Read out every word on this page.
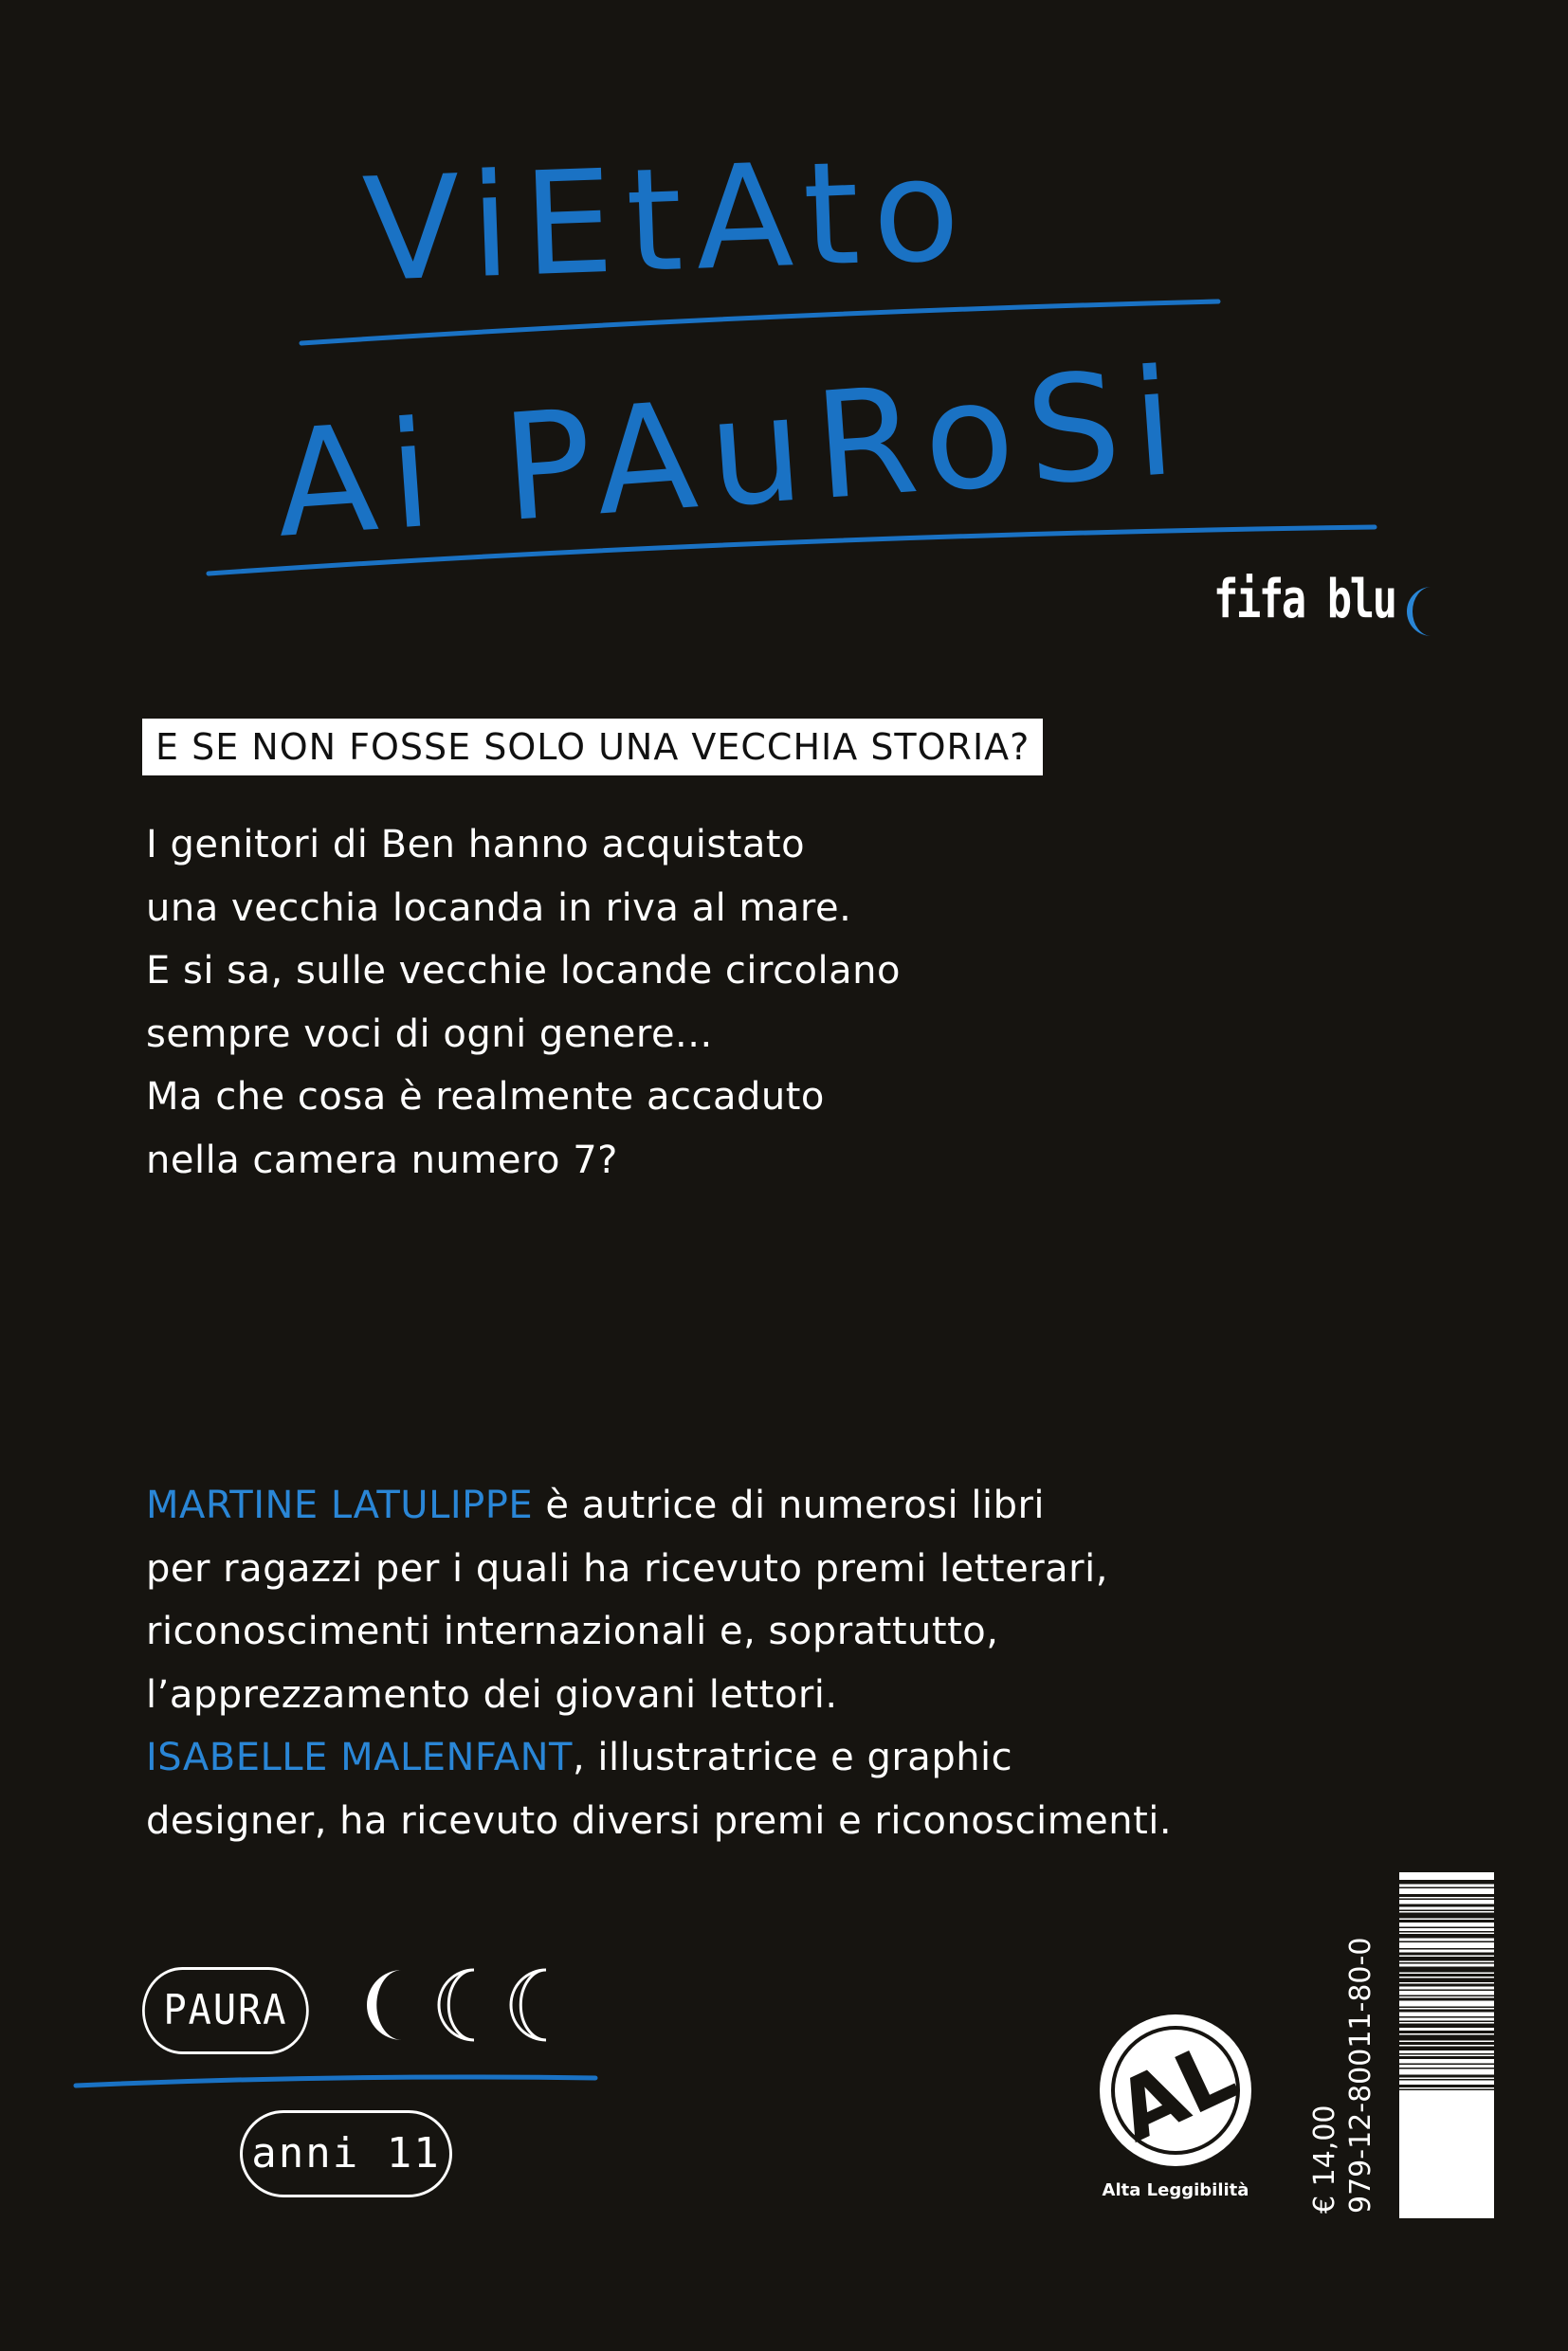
ViEtAto
Ai PAuRoSi
fifa blu
E SE NON FOSSE SOLO UNA VECCHIA STORIA?
I genitori di Ben hanno acquistato
una vecchia locanda in riva al mare.
E si sa, sulle vecchie locande circolano
sempre voci di ogni genere...
Ma che cosa è realmente accaduto
nella camera numero 7?
MARTINE LATULIPPE è autrice di numerosi libri
per ragazzi per i quali ha ricevuto premi letterari,
riconoscimenti internazionali e, soprattutto,
l’apprezzamento dei giovani lettori.
ISABELLE MALENFANT, illustratrice e graphic
designer, ha ricevuto diversi premi e riconoscimenti.
PAURA
anni 11	AL
Alta Leggibilità	€ 14,00 979-12-80011-80-0
